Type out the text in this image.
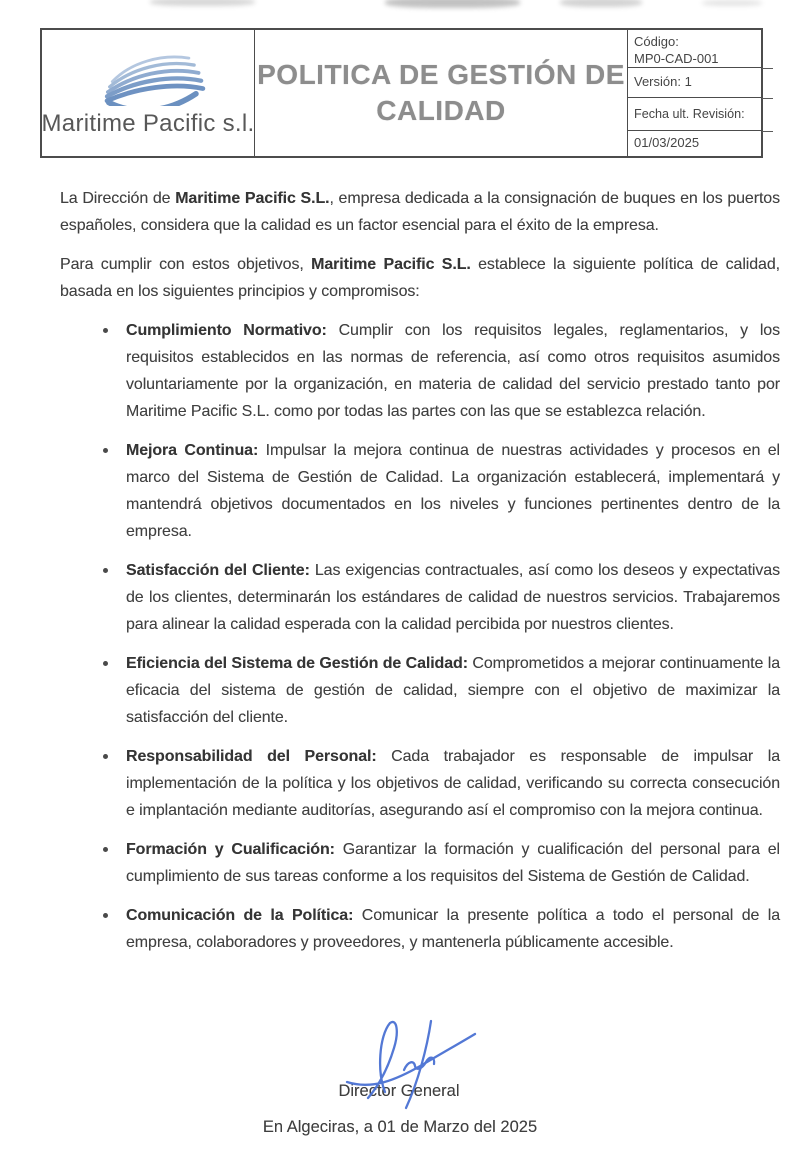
Maritime Pacific s.l.
POLITICA DE GESTIÓN DE
CALIDAD
Código:
MP0-CAD-001
Versión: 1
Fecha ult. Revisión:
01/03/2025

La Dirección de Maritime Pacific S.L., empresa dedicada a la consignación de buques en los puertos españoles, considera que la calidad es un factor esencial para el éxito de la empresa.

Para cumplir con estos objetivos, Maritime Pacific S.L. establece la siguiente política de calidad, basada en los siguientes principios y compromisos:

Cumplimiento Normativo: Cumplir con los requisitos legales, reglamentarios, y los requisitos establecidos en las normas de referencia, así como otros requisitos asumidos voluntariamente por la organización, en materia de calidad del servicio prestado tanto por Maritime Pacific S.L. como por todas las partes con las que se establezca relación.
Mejora Continua: Impulsar la mejora continua de nuestras actividades y procesos en el marco del Sistema de Gestión de Calidad. La organización establecerá, implementará y mantendrá objetivos documentados en los niveles y funciones pertinentes dentro de la empresa.
Satisfacción del Cliente: Las exigencias contractuales, así como los deseos y expectativas de los clientes, determinarán los estándares de calidad de nuestros servicios. Trabajaremos para alinear la calidad esperada con la calidad percibida por nuestros clientes.
Eficiencia del Sistema de Gestión de Calidad: Comprometidos a mejorar continuamente la eficacia del sistema de gestión de calidad, siempre con el objetivo de maximizar la satisfacción del cliente.
Responsabilidad del Personal: Cada trabajador es responsable de impulsar la implementación de la política y los objetivos de calidad, verificando su correcta consecución e implantación mediante auditorías, asegurando así el compromiso con la mejora continua.
Formación y Cualificación: Garantizar la formación y cualificación del personal para el cumplimiento de sus tareas conforme a los requisitos del Sistema de Gestión de Calidad.
Comunicación de la Política: Comunicar la presente política a todo el personal de la empresa, colaboradores y proveedores, y mantenerla públicamente accesible.
Director General
En Algeciras, a 01 de Marzo del 2025
